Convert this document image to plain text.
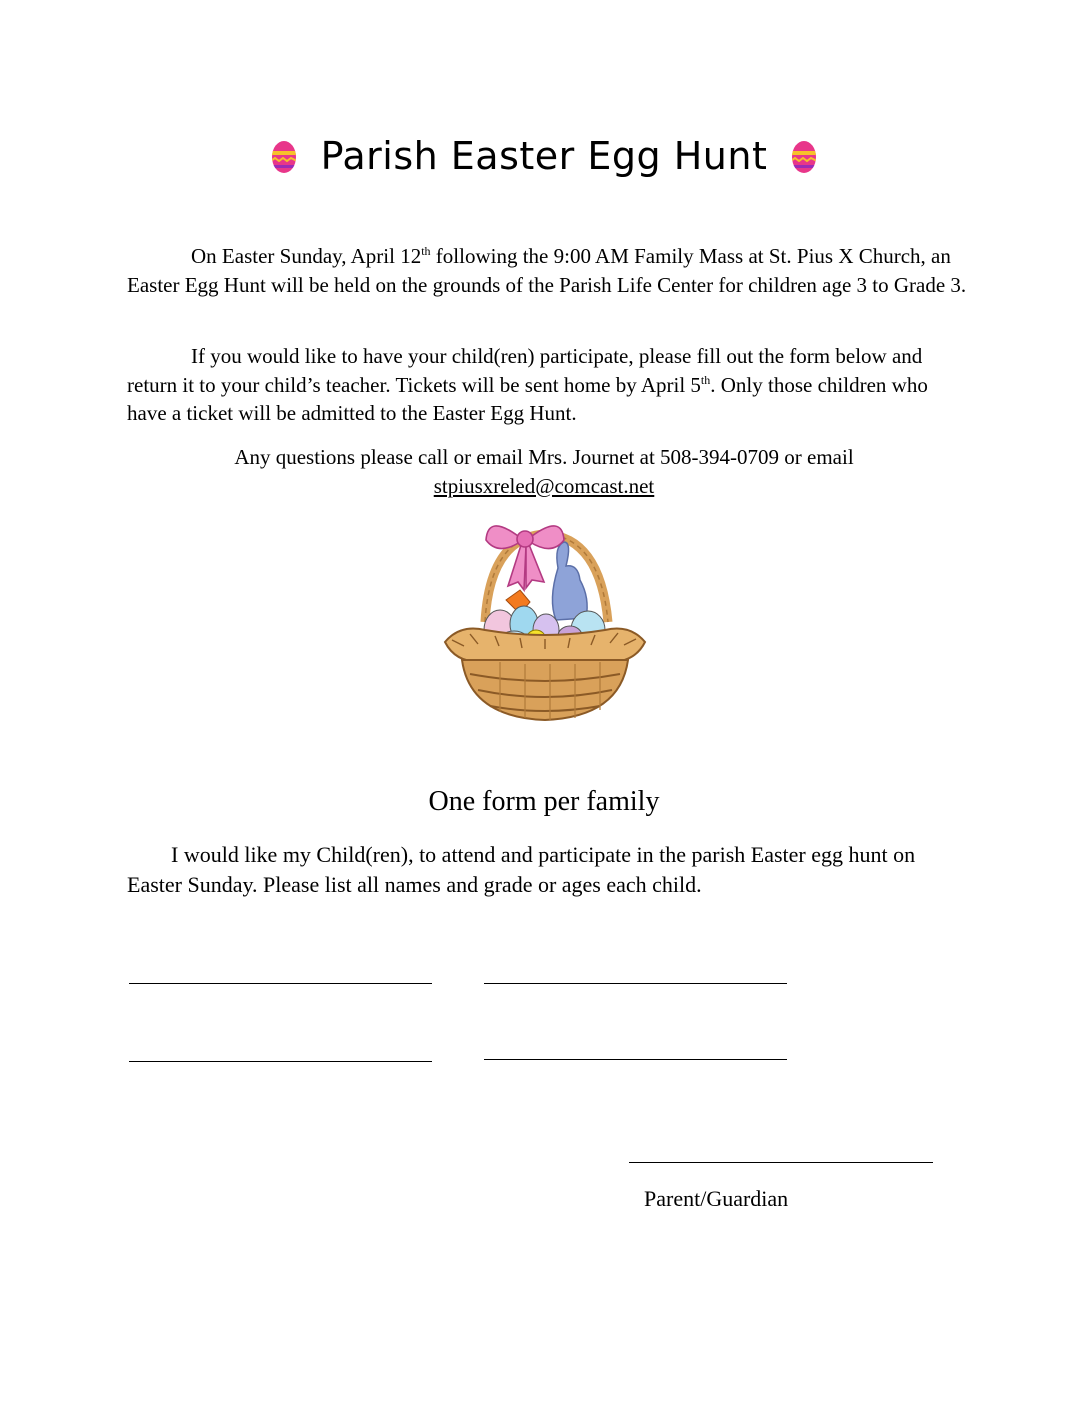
Parish Easter Egg Hunt

On Easter Sunday, April 12th following the 9:00 AM Family Mass at St. Pius X Church, an Easter Egg Hunt will be held on the grounds of the Parish Life Center for children age 3 to Grade 3.

If you would like to have your child(ren) participate, please fill out the form below and return it to your child’s teacher. Tickets will be sent home by April 5th. Only those children who have a ticket will be admitted to the Easter Egg Hunt.

Any questions please call or email Mrs. Journet at 508-394-0709 or email
stpiusxreled@comcast.net

One form per family

I would like my Child(ren), to attend and participate in the parish Easter egg hunt on Easter Sunday. Please list all names and grade or ages each child.

Parent/Guardian
